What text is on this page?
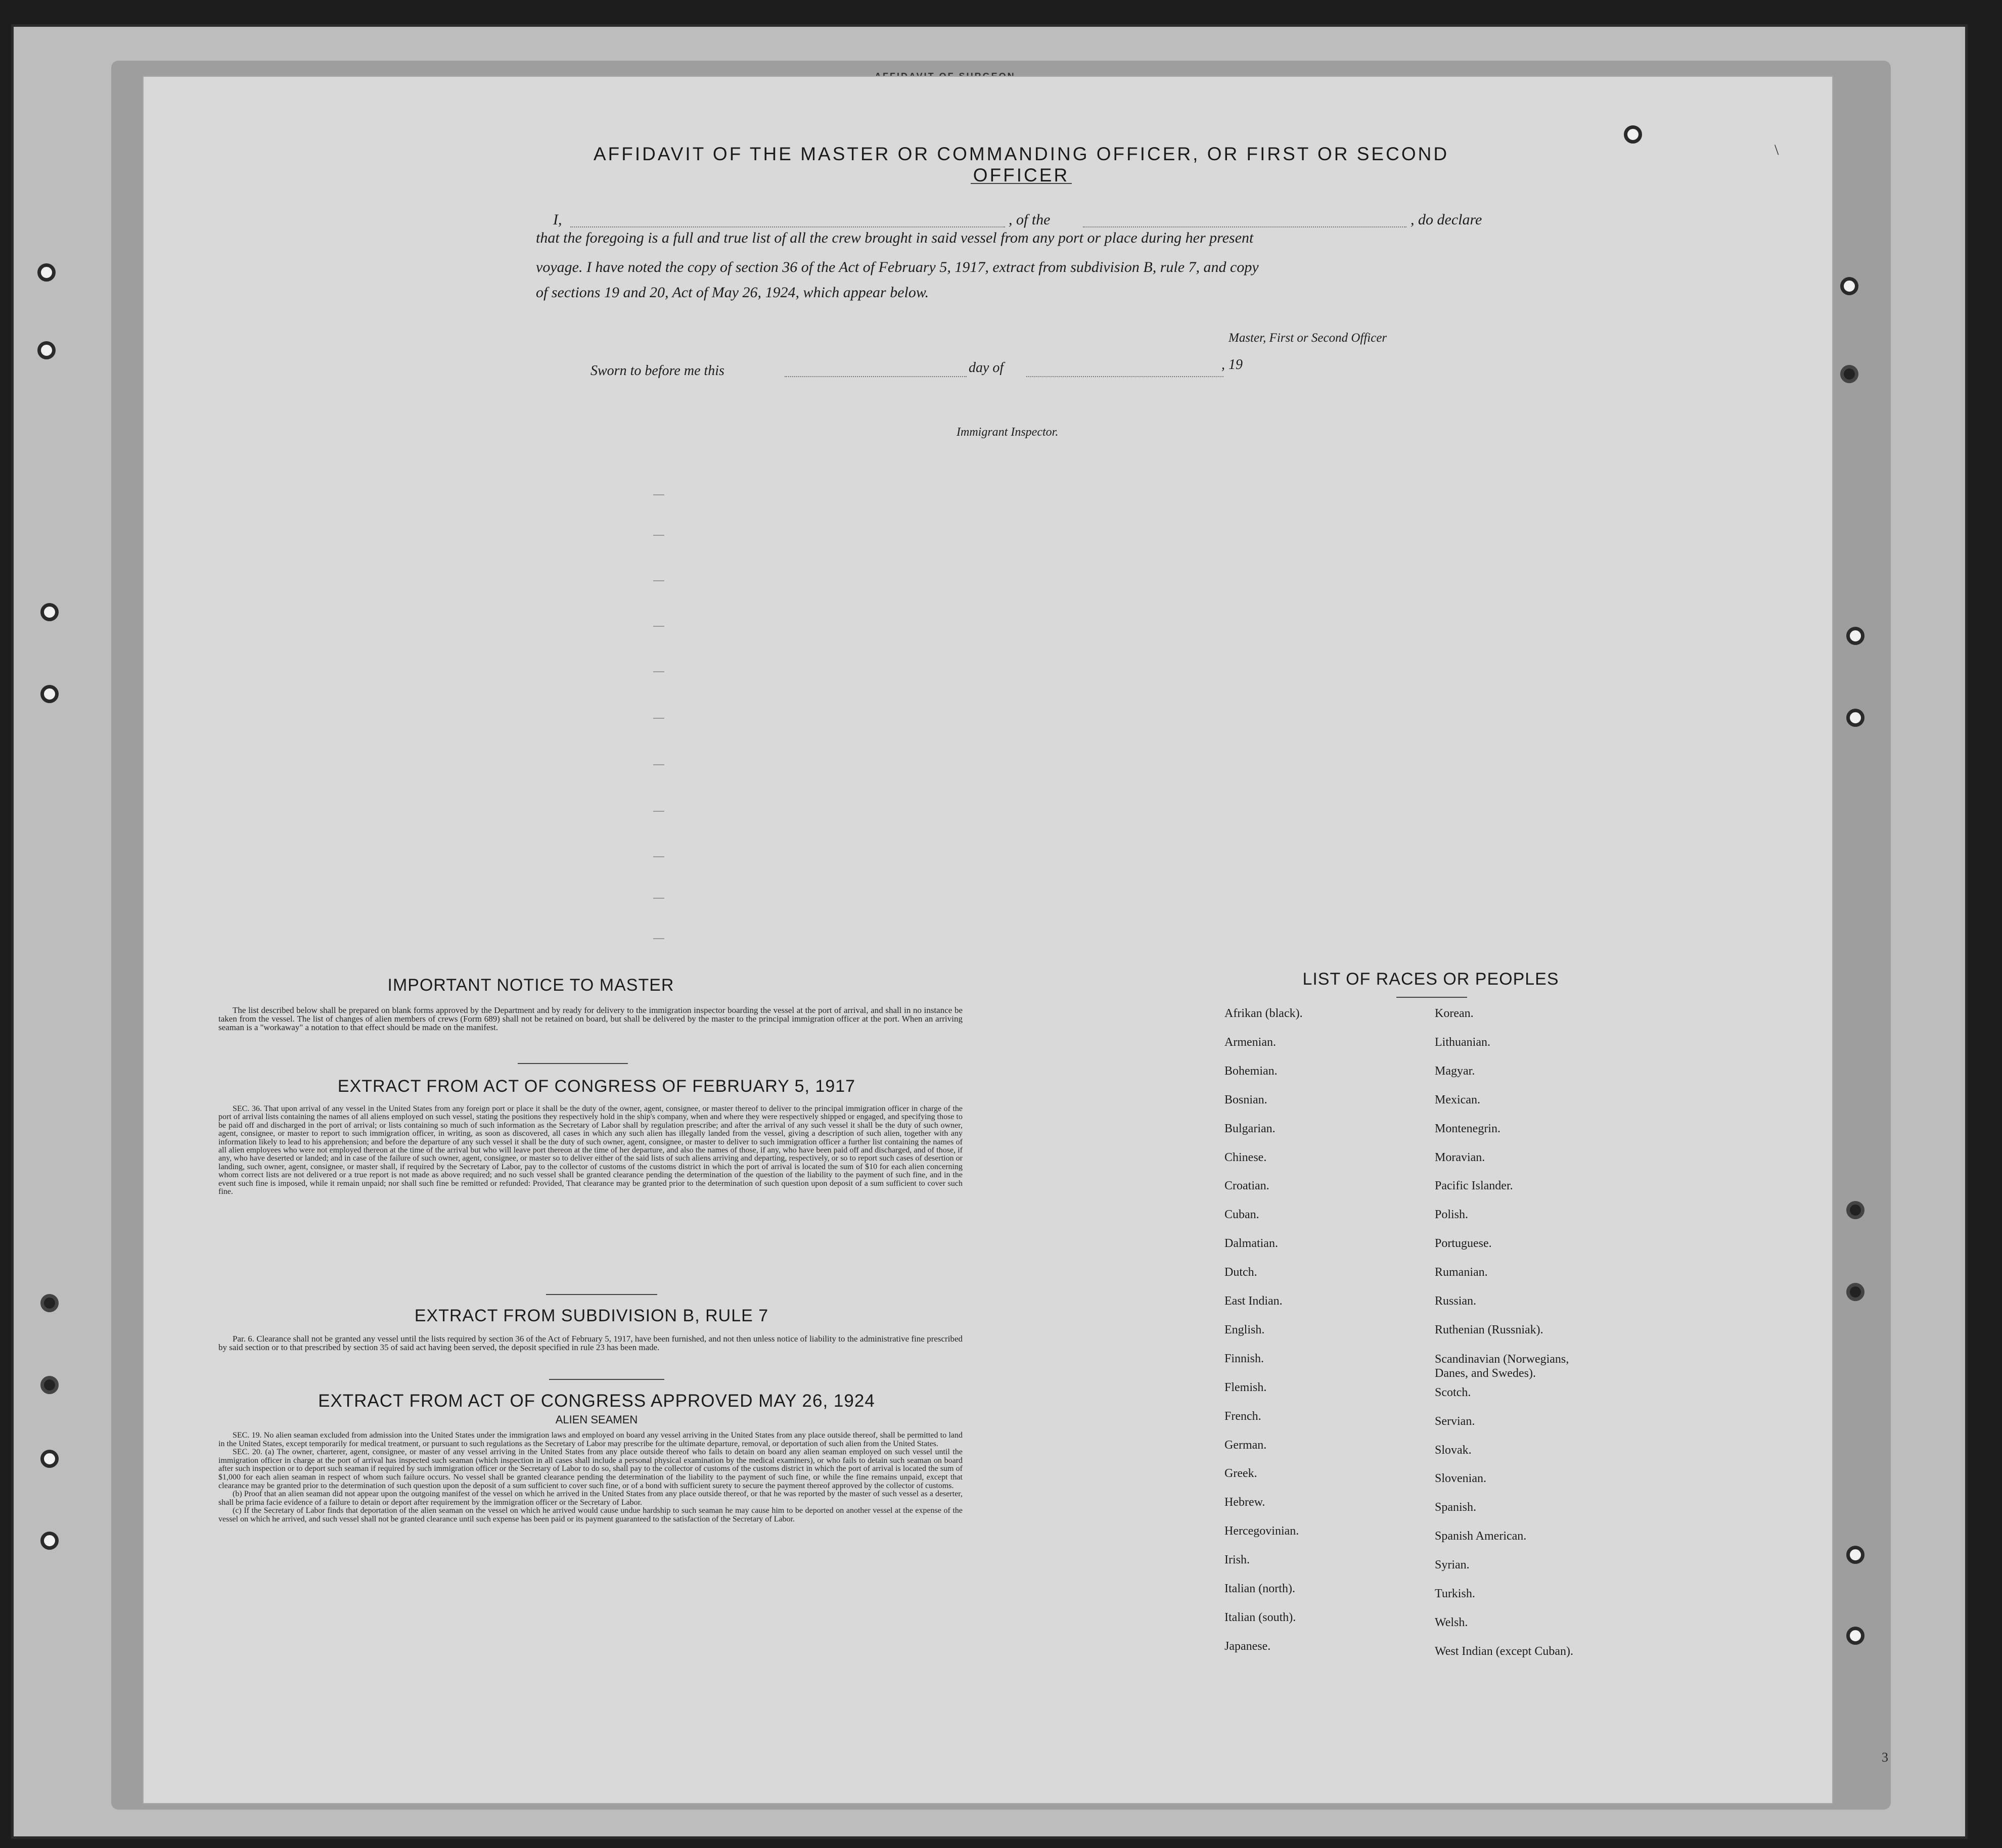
\
3
AFFIDAVIT OF THE MASTER OR COMMANDING OFFICER, OR FIRST OR SECOND OFFICER
I,	, of the	, do declare
that the foregoing is a full and true list of all the crew brought in said vessel from any port or place during her present
voyage. I have noted the copy of section 36 of the Act of February 5, 1917, extract from subdivision B, rule 7, and copy
of sections 19 and 20, Act of May 26, 1924, which appear below.
Master, First or Second Officer
Sworn to before me this	day of	, 19
Immigrant Inspector.
IMPORTANT NOTICE TO MASTER

The list described below shall be prepared on blank forms approved by the Department and by ready for delivery to the immigration inspector boarding the vessel at the port of arrival, and shall in no instance be taken from the vessel. The list of changes of alien members of crews (Form 689) shall not be retained on board, but shall be delivered by the master to the principal immigration officer at the port. When an arriving seaman is a "workaway" a notation to that effect should be made on the manifest.

EXTRACT FROM ACT OF CONGRESS OF FEBRUARY 5, 1917

SEC. 36. That upon arrival of any vessel in the United States from any foreign port or place it shall be the duty of the owner, agent, consignee, or master thereof to deliver to the principal immigration officer in charge of the port of arrival lists containing the names of all aliens employed on such vessel, stating the positions they respectively hold in the ship's company, when and where they were respectively shipped or engaged, and specifying those to be paid off and discharged in the port of arrival; or lists containing so much of such information as the Secretary of Labor shall by regulation prescribe; and after the arrival of any such vessel it shall be the duty of such owner, agent, consignee, or master to report to such immigration officer, in writing, as soon as discovered, all cases in which any such alien has illegally landed from the vessel, giving a description of such alien, together with any information likely to lead to his apprehension; and before the departure of any such vessel it shall be the duty of such owner, agent, consignee, or master to deliver to such immigration officer a further list containing the names of all alien employees who were not employed thereon at the time of the arrival but who will leave port thereon at the time of her departure, and also the names of those, if any, who have been paid off and discharged, and of those, if any, who have deserted or landed; and in case of the failure of such owner, agent, consignee, or master so to deliver either of the said lists of such aliens arriving and departing, respectively, or so to report such cases of desertion or landing, such owner, agent, consignee, or master shall, if required by the Secretary of Labor, pay to the collector of customs of the customs district in which the port of arrival is located the sum of $10 for each alien concerning whom correct lists are not delivered or a true report is not made as above required; and no such vessel shall be granted clearance pending the determination of the question of the liability to the payment of such fine, and in the event such fine is imposed, while it remain unpaid; nor shall such fine be remitted or refunded: Provided, That clearance may be granted prior to the determination of such question upon deposit of a sum sufficient to cover such fine.

EXTRACT FROM SUBDIVISION B, RULE 7

Par. 6. Clearance shall not be granted any vessel until the lists required by section 36 of the Act of February 5, 1917, have been furnished, and not then unless notice of liability to the administrative fine prescribed by said section or to that prescribed by section 35 of said act having been served, the deposit specified in rule 23 has been made.

EXTRACT FROM ACT OF CONGRESS APPROVED MAY 26, 1924
ALIEN SEAMEN

SEC. 19. No alien seaman excluded from admission into the United States under the immigration laws and employed on board any vessel arriving in the United States from any place outside thereof, shall be permitted to land in the United States, except temporarily for medical treatment, or pursuant to such regulations as the Secretary of Labor may prescribe for the ultimate departure, removal, or deportation of such alien from the United States.

SEC. 20. (a) The owner, charterer, agent, consignee, or master of any vessel arriving in the United States from any place outside thereof who fails to detain on board any alien seaman employed on such vessel until the immigration officer in charge at the port of arrival has inspected such seaman (which inspection in all cases shall include a personal physical examination by the medical examiners), or who fails to detain such seaman on board after such inspection or to deport such seaman if required by such immigration officer or the Secretary of Labor to do so, shall pay to the collector of customs of the customs district in which the port of arrival is located the sum of $1,000 for each alien seaman in respect of whom such failure occurs. No vessel shall be granted clearance pending the determination of the liability to the payment of such fine, or while the fine remains unpaid, except that clearance may be granted prior to the determination of such question upon the deposit of a sum sufficient to cover such fine, or of a bond with sufficient surety to secure the payment thereof approved by the collector of customs.

(b) Proof that an alien seaman did not appear upon the outgoing manifest of the vessel on which he arrived in the United States from any place outside thereof, or that he was reported by the master of such vessel as a deserter, shall be prima facie evidence of a failure to detain or deport after requirement by the immigration officer or the Secretary of Labor.

(c) If the Secretary of Labor finds that deportation of the alien seaman on the vessel on which he arrived would cause undue hardship to such seaman he may cause him to be deported on another vessel at the expense of the vessel on which he arrived, and such vessel shall not be granted clearance until such expense has been paid or its payment guaranteed to the satisfaction of the Secretary of Labor.

LIST OF RACES OR PEOPLES
Afrikan (black).
Armenian.
Bohemian.
Bosnian.
Bulgarian.
Chinese.
Croatian.
Cuban.
Dalmatian.
Dutch.
East Indian.
English.
Finnish.
Flemish.
French.
German.
Greek.
Hebrew.
Hercegovinian.
Irish.
Italian (north).
Italian (south).
Japanese.
Korean.
Lithuanian.
Magyar.
Mexican.
Montenegrin.
Moravian.
Pacific Islander.
Polish.
Portuguese.
Rumanian.
Russian.
Ruthenian (Russniak).
Scandinavian (Norwegians, Danes, and Swedes).
Scotch.
Servian.
Slovak.
Slovenian.
Spanish.
Spanish American.
Syrian.
Turkish.
Welsh.
West Indian (except Cuban).
